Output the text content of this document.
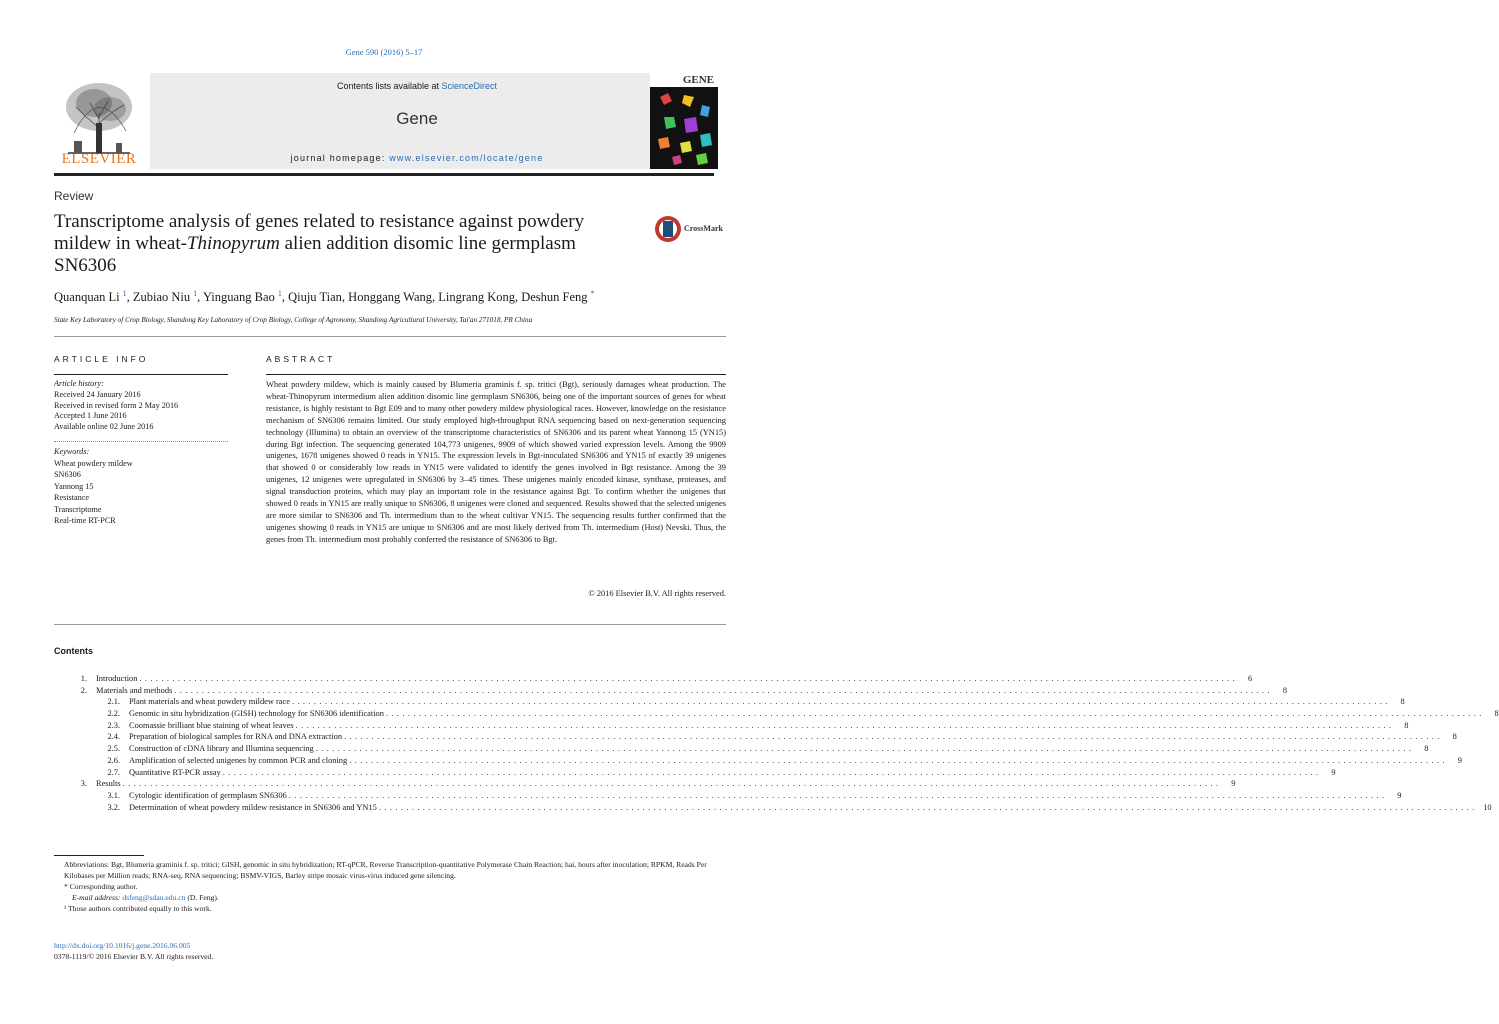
Gene 590 (2016) 5–17
ELSEVIER
Contents lists available at ScienceDirect
Gene
journal homepage: www.elsevier.com/locate/gene
GENE
Review
Transcriptome analysis of genes related to resistance against powdery mildew in wheat-Thinopyrum alien addition disomic line germplasm SN6306
CrossMark
Quanquan Li $^1$, Zubiao Niu $^1$, Yinguang Bao $^1$, Qiuju Tian, Honggang Wang, Lingrang Kong, Deshun Feng *
State Key Laboratory of Crop Biology, Shandong Key Laboratory of Crop Biology, College of Agronomy, Shandong Agricultural University, Tai'an 271018, PR China
ARTICLE INFO	ABSTRACT
Article history:
Received 24 January 2016
Received in revised form 2 May 2016
Accepted 1 June 2016
Available online 02 June 2016
Keywords:
Wheat powdery mildew
SN6306
Yannong 15
Resistance
Transcriptome
Real-time RT-PCR
Wheat powdery mildew, which is mainly caused by Blumeria graminis f. sp. tritici (Bgt), seriously damages wheat production. The wheat-Thinopyrum intermedium alien addition disomic line germplasm SN6306, being one of the important sources of genes for wheat resistance, is highly resistant to Bgt E09 and to many other powdery mildew physiological races. However, knowledge on the resistance mechanism of SN6306 remains limited. Our study employed high-throughput RNA sequencing based on next-generation sequencing technology (Illumina) to obtain an overview of the transcriptome characteristics of SN6306 and its parent wheat Yannong 15 (YN15) during Bgt infection. The sequencing generated 104,773 unigenes, 9909 of which showed varied expression levels. Among the 9909 unigenes, 1678 unigenes showed 0 reads in YN15. The expression levels in Bgt-inoculated SN6306 and YN15 of exactly 39 unigenes that showed 0 or considerably low reads in YN15 were validated to identify the genes involved in Bgt resistance. Among the 39 unigenes, 12 unigenes were upregulated in SN6306 by 3–45 times. These unigenes mainly encoded kinase, synthase, proteases, and signal transduction proteins, which may play an important role in the resistance against Bgt. To confirm whether the unigenes that showed 0 reads in YN15 are really unique to SN6306, 8 unigenes were cloned and sequenced. Results showed that the selected unigenes are more similar to SN6306 and Th. intermedium than to the wheat cultivar YN15. The sequencing results further confirmed that the unigenes showing 0 reads in YN15 are unique to SN6306 and are most likely derived from Th. intermedium (Host) Nevski. Thus, the genes from Th. intermedium most probably conferred the resistance of SN6306 to Bgt.
© 2016 Elsevier B.V. All rights reserved.
Contents
1. Introduction ........................................................................................................................................................................................................	6
2. Materials and methods ........................................................................................................................................................................................................	8
2.1. Plant materials and wheat powdery mildew race ........................................................................................................................................................................................................	8
2.2. Genomic in situ hybridization (GISH) technology for SN6306 identification ........................................................................................................................................................................................................	8
2.3. Coomassie brilliant blue staining of wheat leaves ........................................................................................................................................................................................................	8
2.4. Preparation of biological samples for RNA and DNA extraction ........................................................................................................................................................................................................	8
2.5. Construction of cDNA library and Illumina sequencing ........................................................................................................................................................................................................	8
2.6. Amplification of selected unigenes by common PCR and cloning ........................................................................................................................................................................................................	9
2.7. Quantitative RT-PCR assay ........................................................................................................................................................................................................	9
3. Results ........................................................................................................................................................................................................	9
3.1. Cytologic identification of germplasm SN6306 ........................................................................................................................................................................................................	9
3.2. Determination of wheat powdery mildew resistance in SN6306 and YN15 ........................................................................................................................................................................................................ 10
Abbreviations: Bgt, Blumeria graminis f. sp. tritici; GISH, genomic in situ hybridization; RT-qPCR, Reverse Transcription-quantitative Polymerase Chain Reaction; hai, hours after inoculation; RPKM, Reads Per Kilobases per Million reads; RNA-seq, RNA sequencing; BSMV-VIGS, Barley stripe mosaic virus-virus induced gene silencing.
* Corresponding author.
E-mail address: dsfeng@sdau.edu.cn (D. Feng).
¹ Those authors contributed equally to this work.
http://dx.doi.org/10.1016/j.gene.2016.06.005
0378-1119/© 2016 Elsevier B.V. All rights reserved.
